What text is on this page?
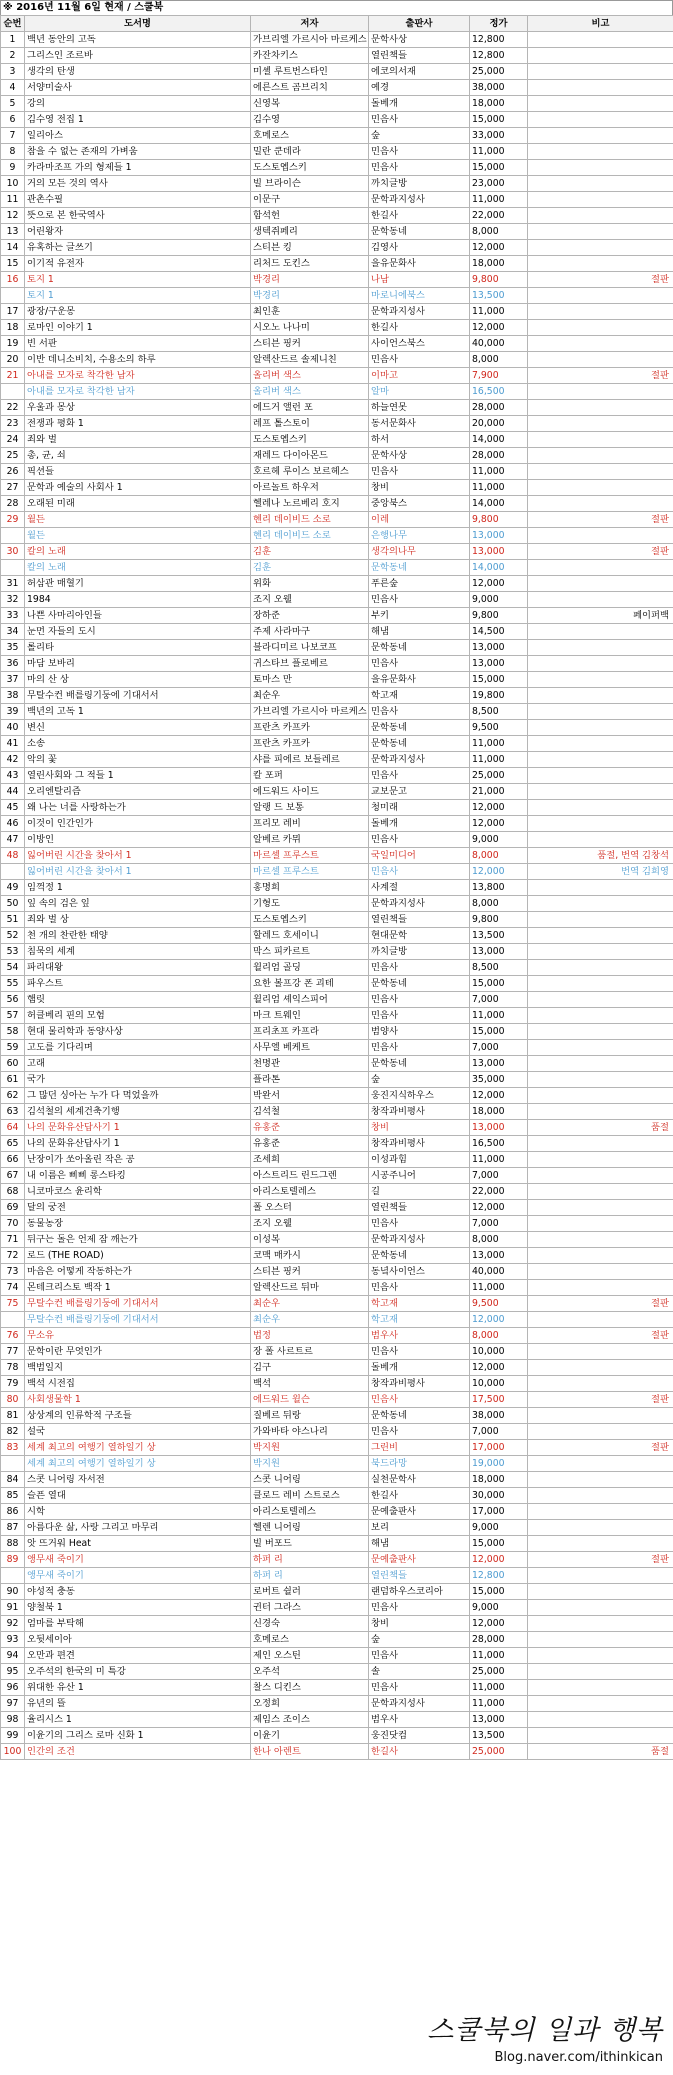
※ 2016년 11월 6일 현재 / 스쿨북
순번	도서명	저자	출판사	정가	비고
1	백년 동안의 고독	가브리엘 가르시아 마르케스	문학사상	12,800	
2	그리스인 조르바	카잔차키스	열린책들	12,800	
3	생각의 탄생	미셸 루트번스타인	에코의서재	25,000	
4	서양미술사	에른스트 곰브리치	예경	38,000	
5	강의	신영복	돌베개	18,000	
6	김수영 전집 1	김수영	민음사	15,000	
7	일리아스	호메로스	숲	33,000	
8	참을 수 없는 존재의 가벼움	밀란 쿤데라	민음사	11,000	
9	카라마조프 가의 형제들 1	도스토옙스키	민음사	15,000	
10	거의 모든 것의 역사	빌 브라이슨	까치글방	23,000	
11	관촌수필	이문구	문학과지성사	11,000	
12	뜻으로 본 한국역사	함석헌	한길사	22,000	
13	어린왕자	생텍쥐페리	문학동네	8,000	
14	유혹하는 글쓰기	스티븐 킹	김영사	12,000	
15	이기적 유전자	리처드 도킨스	을유문화사	18,000	
16	토지 1	박경리	나남	9,800	절판
	토지 1	박경리	마로니에북스	13,500	
17	광장/구운몽	최인훈	문학과지성사	11,000	
18	로마인 이야기 1	시오노 나나미	한길사	12,000	
19	빈 서판	스티븐 핑커	사이언스북스	40,000	
20	이반 데니소비치, 수용소의 하루	알렉산드르 솔제니친	민음사	8,000	
21	아내를 모자로 착각한 남자	올리버 색스	이마고	7,900	절판
	아내를 모자로 착각한 남자	올리버 색스	알마	16,500	
22	우울과 몽상	에드거 앨런 포	하늘연못	28,000	
23	전쟁과 평화 1	레프 톨스토이	동서문화사	20,000	
24	죄와 벌	도스토옙스키	하서	14,000	
25	총, 균, 쇠	재레드 다이아몬드	문학사상	28,000	
26	픽션들	호르헤 루이스 보르헤스	민음사	11,000	
27	문학과 예술의 사회사 1	아르놀트 하우저	창비	11,000	
28	오래된 미래	헬레나 노르베리 호지	중앙북스	14,000	
29	월든	헨리 데이비드 소로	이레	9,800	절판
	월든	헨리 데이비드 소로	은행나무	13,000	
30	칼의 노래	김훈	생각의나무	13,000	절판
	칼의 노래	김훈	문학동네	14,000	
31	허삼관 매혈기	위화	푸른숲	12,000	
32	1984	조지 오웰	민음사	9,000	
33	나쁜 사마리아인들	장하준	부키	9,800	페이퍼백
34	눈먼 자들의 도시	주제 사라마구	해냄	14,500	
35	롤리타	블라디미르 나보코프	문학동네	13,000	
36	마담 보바리	귀스타브 플로베르	민음사	13,000	
37	마의 산 상	토마스 만	을유문화사	15,000	
38	무탈수컨 배를링기둥에 기대서서	최순우	학고재	19,800	
39	백년의 고독 1	가브리엘 가르시아 마르케스	민음사	8,500	
40	변신	프란츠 카프카	문학동네	9,500	
41	소송	프란츠 카프카	문학동네	11,000	
42	악의 꽃	샤를 피에르 보들레르	문학과지성사	11,000	
43	열린사회와 그 적들 1	칼 포퍼	민음사	25,000	
44	오리엔탈리즘	에드워드 사이드	교보문고	21,000	
45	왜 나는 너를 사랑하는가	알랭 드 보통	청미래	12,000	
46	이것이 인간인가	프리모 레비	돌베개	12,000	
47	이방인	알베르 카뮈	민음사	9,000	
48	잃어버린 시간을 찾아서 1	마르셀 프루스트	국일미디어	8,000	품절, 번역 김창석
	잃어버린 시간을 찾아서 1	마르셀 프루스트	민음사	12,000	번역 김희영
49	임꺽정 1	홍명희	사계절	13,800	
50	잎 속의 검은 잎	기형도	문학과지성사	8,000	
51	죄와 벌 상	도스토옙스키	열린책들	9,800	
52	천 개의 찬란한 태양	할레드 호세이니	현대문학	13,500	
53	침묵의 세계	막스 피카르트	까치글방	13,000	
54	파리대왕	윌리엄 골딩	민음사	8,500	
55	파우스트	요한 볼프강 폰 괴테	문학동네	15,000	
56	햄릿	윌리엄 셰익스피어	민음사	7,000	
57	허클베리 핀의 모험	마크 트웨인	민음사	11,000	
58	현대 물리학과 동양사상	프리초프 카프라	범양사	15,000	
59	고도를 기다리며	사무엘 베케트	민음사	7,000	
60	고래	천명관	문학동네	13,000	
61	국가	플라톤	숲	35,000	
62	그 많던 싱아는 누가 다 먹었을까	박완서	웅진지식하우스	12,000	
63	김석철의 세계건축기행	김석철	창작과비평사	18,000	
64	나의 문화유산답사기 1	유홍준	창비	13,000	품절
65	나의 문화유산답사기 1	유홍준	창작과비평사	16,500	
66	난장이가 쏘아올린 작은 공	조세희	이성과힘	11,000	
67	내 이름은 삐삐 롱스타킹	아스트리드 린드그렌	시공주니어	7,000	
68	니코마코스 윤리학	아리스토텔레스	길	22,000	
69	달의 궁전	폴 오스터	열린책들	12,000	
70	동물농장	조지 오웰	민음사	7,000	
71	뒤구는 돌은 언제 잠 깨는가	이성복	문학과지성사	8,000	
72	로드 (THE ROAD)	코맥 매카시	문학동네	13,000	
73	마음은 어떻게 작동하는가	스티븐 핑커	동녘사이언스	40,000	
74	몬테크리스토 백작 1	알렉산드르 뒤마	민음사	11,000	
75	무탈수컨 배를링기둥에 기대서서	최순우	학고재	9,500	절판
	무탈수컨 배를링기둥에 기대서서	최순우	학고재	12,000	
76	무소유	법정	범우사	8,000	절판
77	문학이란 무엇인가	장 폴 사르트르	민음사	10,000	
78	백범일지	김구	돌베개	12,000	
79	백석 시전집	백석	창작과비평사	10,000	
80	사회생물학 1	에드워드 윌슨	민음사	17,500	절판
81	상상계의 인류학적 구조들	질베르 뒤랑	문학동네	38,000	
82	설국	가와바타 야스나리	민음사	7,000	
83	세계 최고의 여행기 열하일기 상	박지원	그린비	17,000	절판
	세계 최고의 여행기 열하일기 상	박지원	북드라망	19,000	
84	스콧 니어링 자서전	스콧 니어링	실천문학사	18,000	
85	슬픈 열대	클로드 레비 스트로스	한길사	30,000	
86	시학	아리스토텔레스	문예출판사	17,000	
87	아름다운 삶, 사랑 그리고 마무리	헬렌 니어링	보리	9,000	
88	앗 뜨거워 Heat	빌 버포드	해냄	15,000	
89	앵무새 죽이기	하퍼 리	문예출판사	12,000	절판
	앵무새 죽이기	하퍼 리	열린책들	12,800	
90	야성적 충동	로버트 쉴러	랜덤하우스코리아	15,000	
91	양철북 1	귄터 그라스	민음사	9,000	
92	엄마를 부탁해	신경숙	창비	12,000	
93	오뒷세이아	호메로스	숲	28,000	
94	오만과 편견	제인 오스틴	민음사	11,000	
95	오주석의 한국의 미 특강	오주석	솔	25,000	
96	위대한 유산 1	찰스 디킨스	민음사	11,000	
97	유년의 뜰	오정희	문학과지성사	11,000	
98	율리시스 1	제임스 조이스	범우사	13,000	
99	이윤기의 그리스 로마 신화 1	이윤기	웅진닷컴	13,500	
100	인간의 조건	한나 아렌트	한길사	25,000	품절
스쿨북의 일과 행복
Blog.naver.com/ithinkican
